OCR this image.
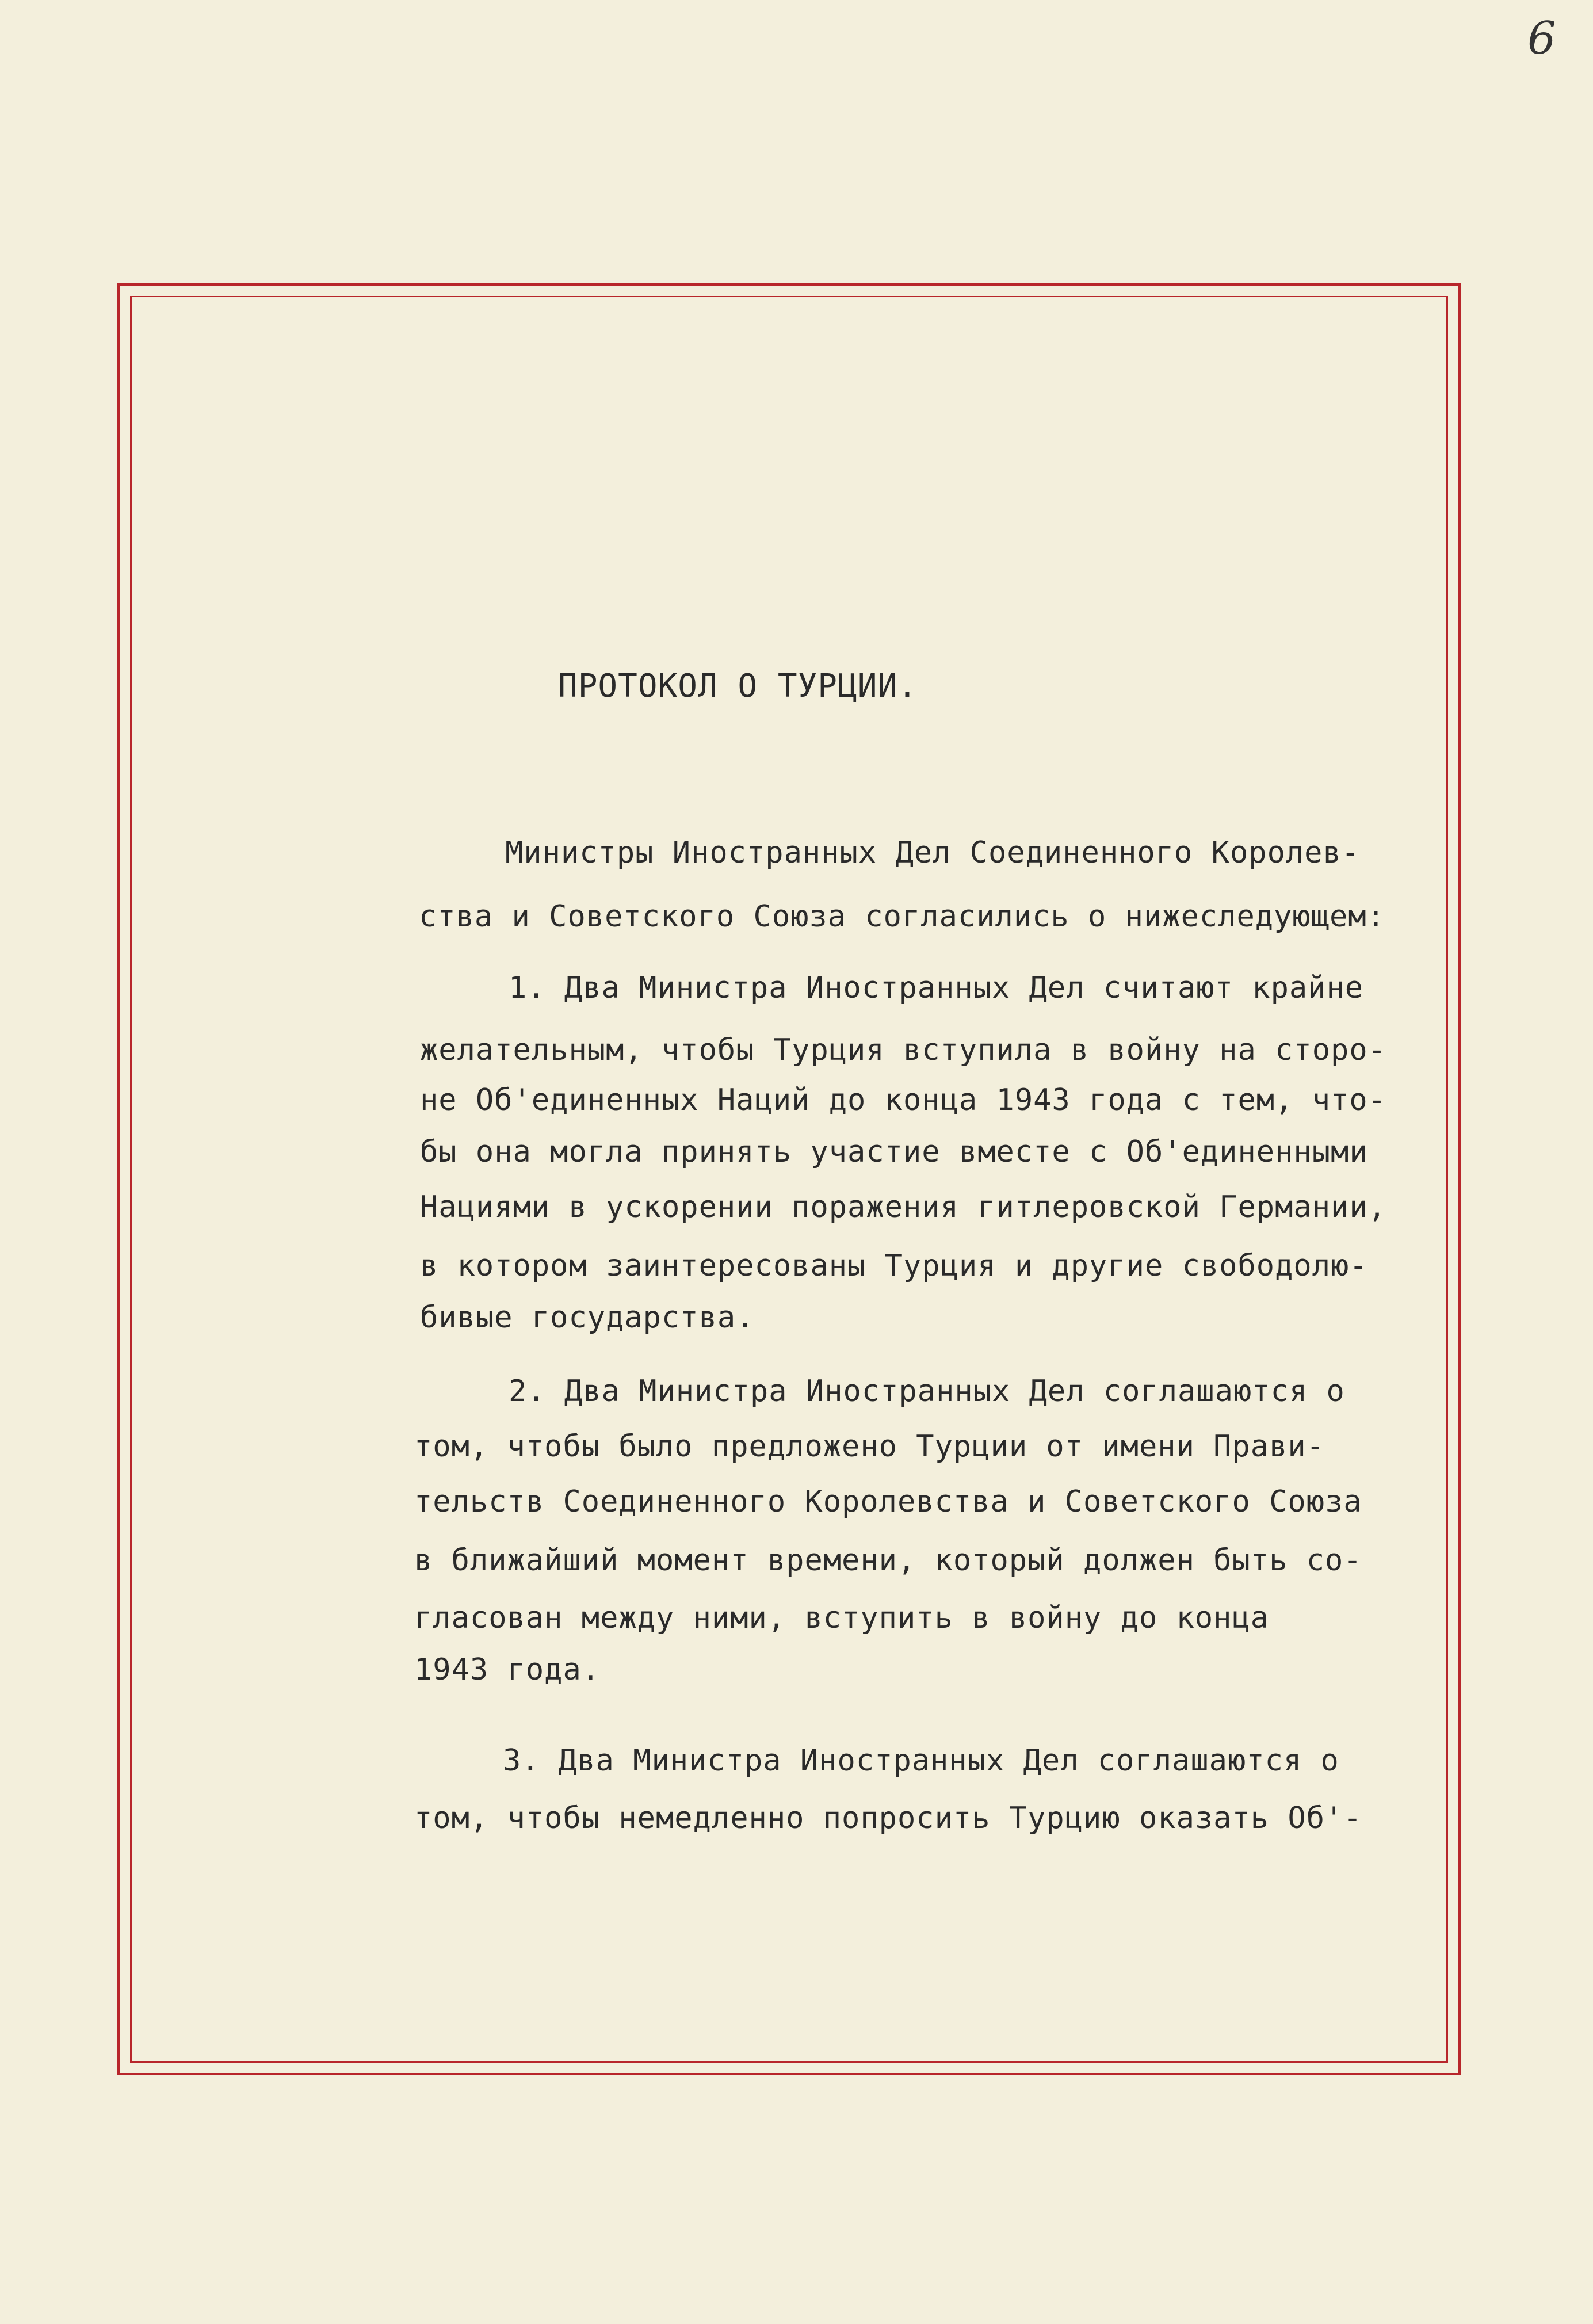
6
ПРОТОКОЛ О ТУРЦИИ.
Министры Иностранных Дел Соединенного Королев-
ства и Советского Союза согласились о нижеследующем:
1. Два Министра Иностранных Дел считают крайне
желательным, чтобы Турция вступила в войну на сторо-
не Об'единенных Наций до конца 1943 года с тем, что-
бы она могла принять участие вместе с Об'единенными
Нациями в ускорении поражения гитлеровской Германии,
в котором заинтересованы Турция и другие свободолю-
бивые государства.
2. Два Министра Иностранных Дел соглашаются о
том, чтобы было предложено Турции от имени Прави-
тельств Соединенного Королевства и Советского Союза
в ближайший момент времени, который должен быть со-
гласован между ними, вступить в войну до конца
1943 года.
3. Два Министра Иностранных Дел соглашаются о
том, чтобы немедленно попросить Турцию оказать Об'-
